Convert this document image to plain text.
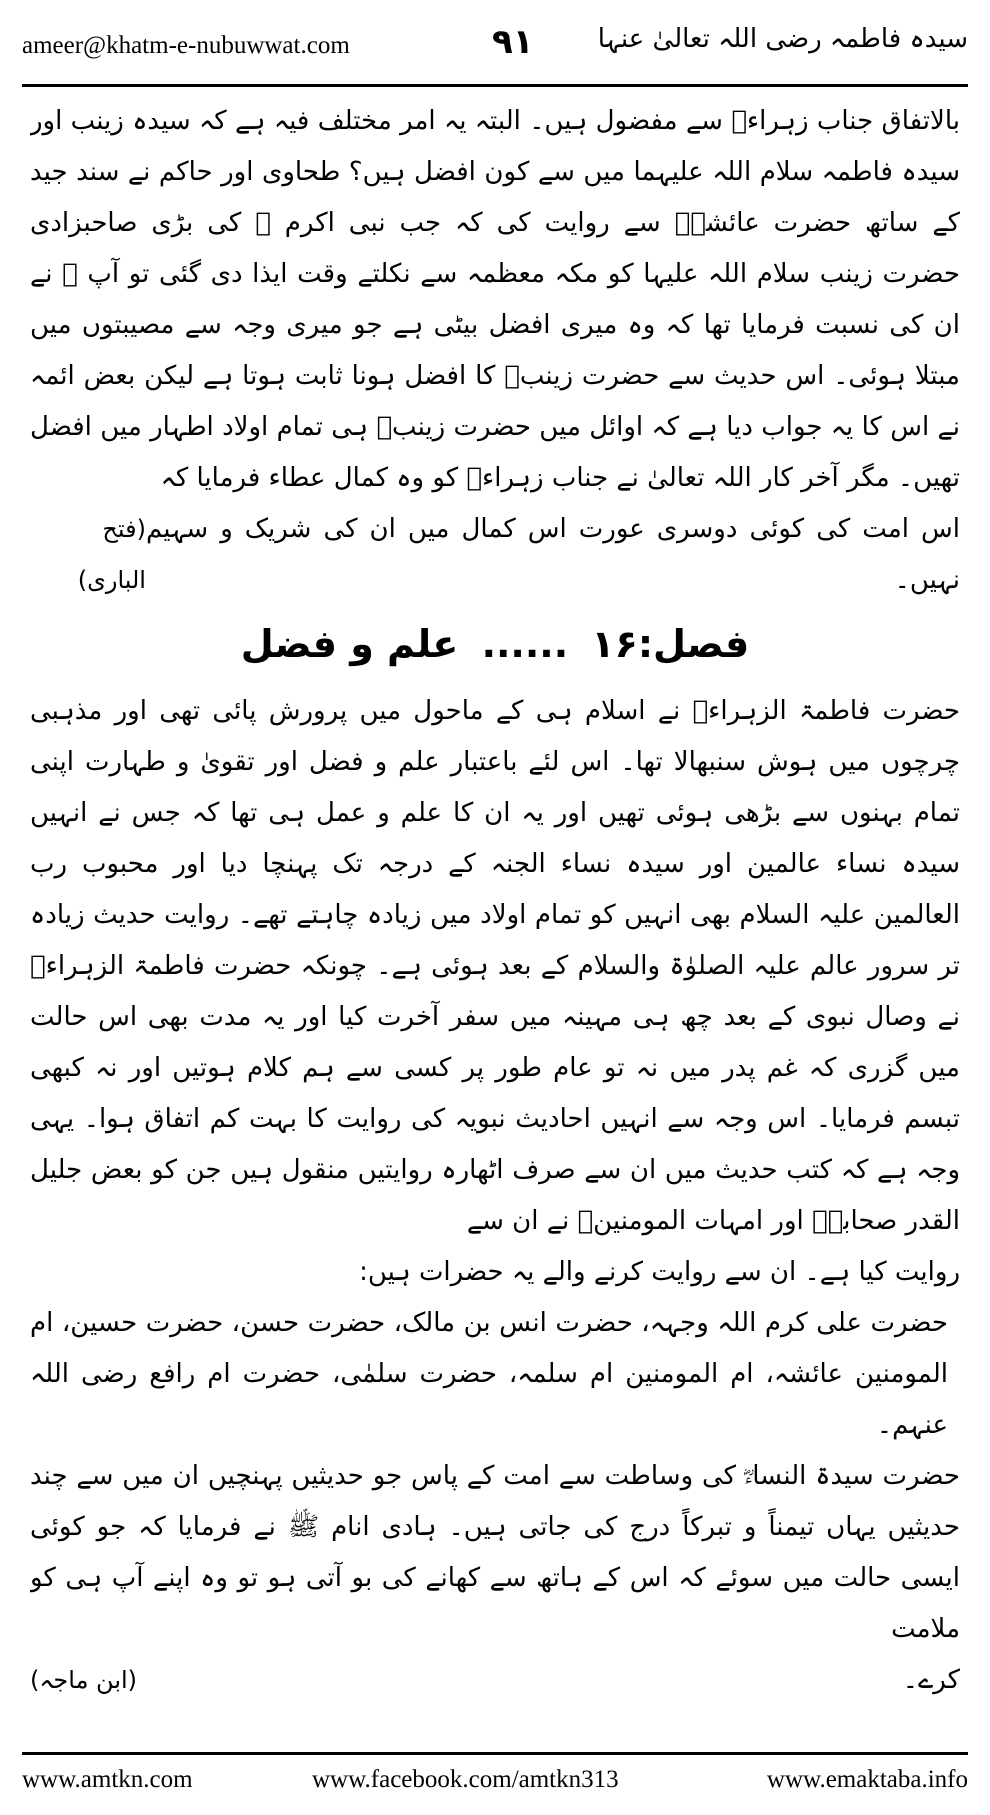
ameer@khatm-e-nubuwwat.com	۹۱ سیدہ فاطمہ رضی اللہ تعالیٰ عنہا

بالاتفاق جناب زہراءؓ سے مفضول ہیں۔ البتہ یہ امر مختلف فیہ ہے کہ سیدہ زینب اور سیدہ فاطمہ سلام اللہ علیہما میں سے کون افضل ہیں؟ طحاوی اور حاکم نے سند جید کے ساتھ حضرت عائشہؓ سے روایت کی کہ جب نبی اکرم ﷺ کی بڑی صاحبزادی حضرت زینب سلام اللہ علیہا کو مکہ معظمہ سے نکلتے وقت ایذا دی گئی تو آپ ﷺ نے ان کی نسبت فرمایا تھا کہ وہ میری افضل بیٹی ہے جو میری وجہ سے مصیبتوں میں مبتلا ہوئی۔ اس حدیث سے حضرت زینبؓ کا افضل ہونا ثابت ہوتا ہے لیکن بعض ائمہ نے اس کا یہ جواب دیا ہے کہ اوائل میں حضرت زینبؓ ہی تمام اولاد اطہار میں افضل تھیں۔ مگر آخر کار اللہ تعالیٰ نے جناب زہراءؓ کو وہ کمال عطاء فرمایا کہ

اس امت کی کوئی دوسری عورت اس کمال میں ان کی شریک و سہیم نہیں۔
(فتح الباری)
فصل:۱۶ ...... علم و فضل

حضرت فاطمۃ الزہراءؓ نے اسلام ہی کے ماحول میں پرورش پائی تھی اور مذہبی چرچوں میں ہوش سنبھالا تھا۔ اس لئے باعتبار علم و فضل اور تقویٰ و طہارت اپنی تمام بہنوں سے بڑھی ہوئی تھیں اور یہ ان کا علم و عمل ہی تھا کہ جس نے انہیں سیدہ نساء عالمین اور سیدہ نساء الجنہ کے درجہ تک پہنچا دیا اور محبوب رب العالمین علیہ السلام بھی انہیں کو تمام اولاد میں زیادہ چاہتے تھے۔ روایت حدیث زیادہ تر سرور عالم علیہ الصلوٰۃ والسلام کے بعد ہوئی ہے۔ چونکہ حضرت فاطمۃ الزہراءؓ نے وصال نبوی کے بعد چھ ہی مہینہ میں سفر آخرت کیا اور یہ مدت بھی اس حالت میں گزری کہ غم پدر میں نہ تو عام طور پر کسی سے ہم کلام ہوتیں اور نہ کبھی تبسم فرمایا۔ اس وجہ سے انہیں احادیث نبویہ کی روایت کا بہت کم اتفاق ہوا۔ یہی وجہ ہے کہ کتب حدیث میں ان سے صرف اٹھارہ روایتیں منقول ہیں جن کو بعض جلیل القدر صحابہؓ اور امہات المومنینؓ نے ان سے

روایت کیا ہے۔ ان سے روایت کرنے والے یہ حضرات ہیں:

حضرت علی کرم اللہ وجہہ، حضرت انس بن مالک، حضرت حسن، حضرت حسین، ام المومنین عائشہ، ام المومنین ام سلمہ، حضرت سلمٰی، حضرت ام رافع رضی اللہ عنہم۔

حضرت سیدۃ النساءؓ کی وساطت سے امت کے پاس جو حدیثیں پہنچیں ان میں سے چند حدیثیں یہاں تیمناً و تبرکاً درج کی جاتی ہیں۔ ہادی انام ﷺ نے فرمایا کہ جو کوئی ایسی حالت میں سوئے کہ اس کے ہاتھ سے کھانے کی بو آتی ہو تو وہ اپنے آپ ہی کو ملامت

کرے۔
(ابن ماجہ)
www.amtkn.com	www.facebook.com/amtkn313	www.emaktaba.info
